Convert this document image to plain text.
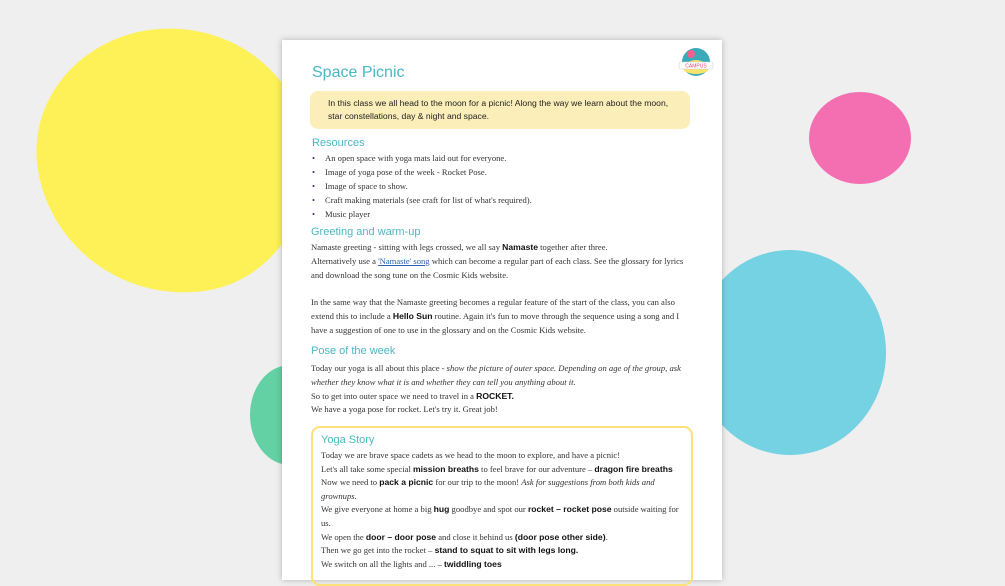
CAMPUS
Space Picnic
In this class we all head to the moon for a picnic! Along the way we learn about the moon, star constellations, day & night and space.
Resources
• An open space with yoga mats laid out for everyone.
• Image of yoga pose of the week - Rocket Pose.
• Image of space to show.
• Craft making materials (see craft for list of what's required).
• Music player
Greeting and warm-up
Namaste greeting - sitting with legs crossed, we all say Namaste together after three.
Alternatively use a 'Namaste' song which can become a regular part of each class. See the glossary for lyrics and download the song tune on the Cosmic Kids website.
In the same way that the Namaste greeting becomes a regular feature of the start of the class, you can also extend this to include a Hello Sun routine. Again it's fun to move through the sequence using a song and I have a suggestion of one to use in the glossary and on the Cosmic Kids website.
Pose of the week
Today our yoga is all about this place - show the picture of outer space. Depending on age of the group, ask whether they know what it is and whether they can tell you anything about it.
So to get into outer space we need to travel in a ROCKET.
We have a yoga pose for rocket. Let's try it. Great job!
Yoga Story

Today we are brave space cadets as we head to the moon to explore, and have a picnic!

Let's all take some special mission breaths to feel brave for our adventure – dragon fire breaths

Now we need to pack a picnic for our trip to the moon! Ask for suggestions from both kids and grownups.

We give everyone at home a big hug goodbye and spot our rocket – rocket pose outside waiting for us.

We open the door – door pose and close it behind us (door pose other side).

Then we go get into the rocket – stand to squat to sit with legs long.

We switch on all the lights and ... – twiddling toes
